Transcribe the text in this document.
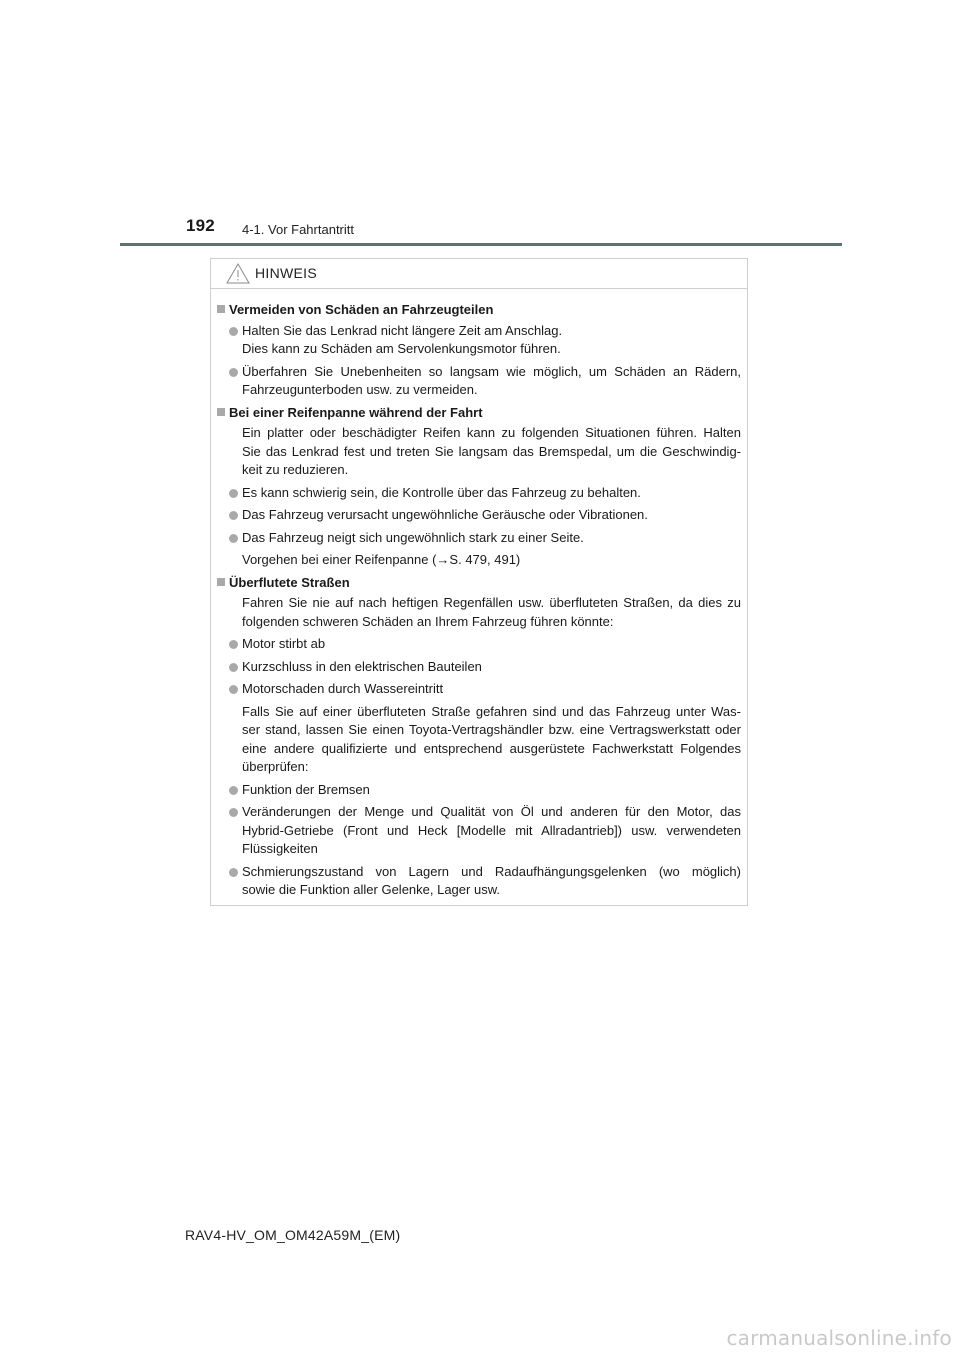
192 4-1. Vor Fahrtantritt
HINWEIS
Vermeiden von Schäden an Fahrzeugteilen
Halten Sie das Lenkrad nicht längere Zeit am Anschlag.
Dies kann zu Schäden am Servolenkungsmotor führen.
Überfahren Sie Unebenheiten so langsam wie möglich, um Schäden an Rädern,
Fahrzeugunterboden usw. zu vermeiden.
Bei einer Reifenpanne während der Fahrt
Ein platter oder beschädigter Reifen kann zu folgenden Situationen führen. Halten
Sie das Lenkrad fest und treten Sie langsam das Bremspedal, um die Geschwindig-
keit zu reduzieren.
Es kann schwierig sein, die Kontrolle über das Fahrzeug zu behalten.
Das Fahrzeug verursacht ungewöhnliche Geräusche oder Vibrationen.
Das Fahrzeug neigt sich ungewöhnlich stark zu einer Seite.
Vorgehen bei einer Reifenpanne (→S. 479, 491)
Überflutete Straßen
Fahren Sie nie auf nach heftigen Regenfällen usw. überfluteten Straßen, da dies zu
folgenden schweren Schäden an Ihrem Fahrzeug führen könnte:
Motor stirbt ab
Kurzschluss in den elektrischen Bauteilen
Motorschaden durch Wassereintritt
Falls Sie auf einer überfluteten Straße gefahren sind und das Fahrzeug unter Was-
ser stand, lassen Sie einen Toyota-Vertragshändler bzw. eine Vertragswerkstatt oder
eine andere qualifizierte und entsprechend ausgerüstete Fachwerkstatt Folgendes
überprüfen:
Funktion der Bremsen
Veränderungen der Menge und Qualität von Öl und anderen für den Motor, das
Hybrid-Getriebe (Front und Heck [Modelle mit Allradantrieb]) usw. verwendeten
Flüssigkeiten
Schmierungszustand von Lagern und Radaufhängungsgelenken (wo möglich)
sowie die Funktion aller Gelenke, Lager usw.
RAV4-HV_OM_OM42A59M_(EM)
carmanualsonline.info
